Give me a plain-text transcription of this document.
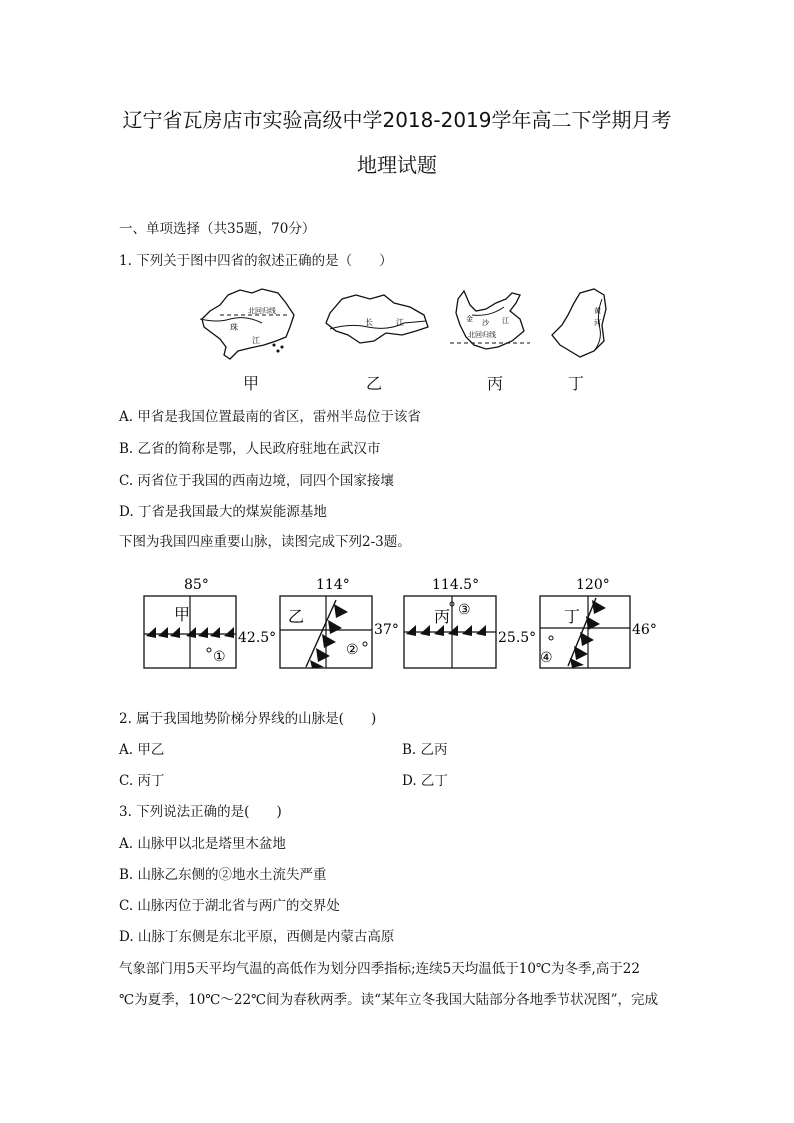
辽宁省瓦房店市实验高级中学2018-2019学年高二下学期月考
地理试题
一、单项选择（共35题，70分）
1. 下列关于图中四省的叙述正确的是（　　）
北回归线
珠
江
长	江	金 沙 江
北回归线
黄
河
甲	乙	丙	丁
A. 甲省是我国位置最南的省区，雷州半岛位于该省
B. 乙省的简称是鄂，人民政府驻地在武汉市
C. 丙省位于我国的西南边境，同四个国家接壤
D. 丁省是我国最大的煤炭能源基地
下图为我国四座重要山脉，读图完成下列2-3题。
85°
甲
①
42.5°
114°
乙
②
37°
114.5°
丙 ③
25.5°
120°
丁
④
46°
2. 属于我国地势阶梯分界线的山脉是(　　)
A. 甲乙	B. 乙丙
C. 丙丁	D. 乙丁
3. 下列说法正确的是(　　)
A. 山脉甲以北是塔里木盆地
B. 山脉乙东侧的②地水土流失严重
C. 山脉丙位于湖北省与两广的交界处
D. 山脉丁东侧是东北平原，西侧是内蒙古高原
气象部门用5天平均气温的高低作为划分四季指标;连续5天均温低于10℃为冬季,高于22
℃为夏季，10℃～22℃间为春秋两季。读“某年立冬我国大陆部分各地季节状况图”，完成
